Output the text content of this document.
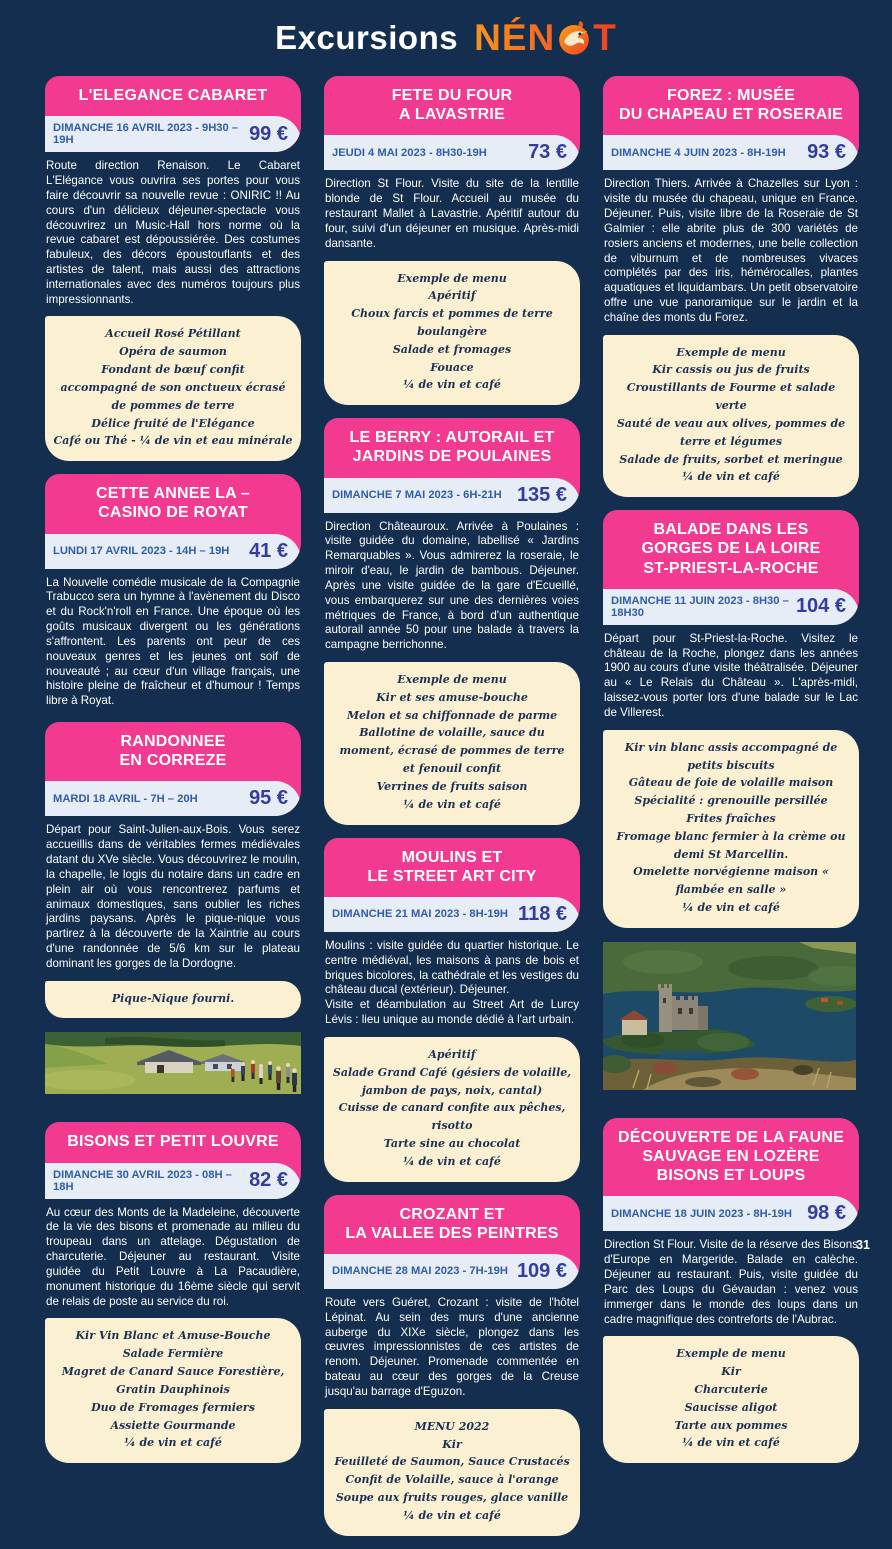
Excursions NÉN T
L'ELEGANCE CABARET
DIMANCHE 16 AVRIL 2023 - 9H30 – 19H	99 €

Route direction Renaison. Le Cabaret L'Elégance vous ouvrira ses portes pour vous faire découvrir sa nouvelle revue : ONIRIC !! Au cours d'un délicieux déjeuner-spectacle vous découvrirez un Music-Hall hors norme où la revue cabaret est dépoussiérée. Des costumes fabuleux, des décors époustouflants et des artistes de talent, mais aussi des attractions internationales avec des numéros toujours plus impressionnants.

Accueil Rosé Pétillant

Opéra de saumon

Fondant de bœuf confit

accompagné de son onctueux écrasé de pommes de terre

Délice fruité de l'Elégance

Café ou Thé - ¼ de vin et eau minérale

CETTE ANNEE LA –
CASINO DE ROYAT
LUNDI 17 AVRIL 2023 - 14H – 19H 41 €

La Nouvelle comédie musicale de la Compagnie Trabucco sera un hymne à l'avènement du Disco et du Rock'n'roll en France. Une époque où les goûts musicaux divergent ou les générations s'affrontent. Les parents ont peur de ces nouveaux genres et les jeunes ont soif de nouveauté ; au cœur d'un village français, une histoire pleine de fraîcheur et d'humour ! Temps libre à Royat.

RANDONNEE
EN CORREZE
MARDI 18 AVRIL - 7H – 20H	95 €

Départ pour Saint-Julien-aux-Bois. Vous serez accueillis dans de véritables fermes médiévales datant du XVe siècle. Vous découvrirez le moulin, la chapelle, le logis du notaire dans un cadre en plein air où vous rencontrerez parfums et animaux domestiques, sans oublier les riches jardins paysans. Après le pique-nique vous partirez à la découverte de la Xaintrie au cours d'une randonnée de 5/6 km sur le plateau dominant les gorges de la Dordogne.

Pique-Nique fourni.

BISONS ET PETIT LOUVRE
DIMANCHE 30 AVRIL 2023 - 08H – 18H	82 €

Au cœur des Monts de la Madeleine, découverte de la vie des bisons et promenade au milieu du troupeau dans un attelage. Dégustation de charcuterie. Déjeuner au restaurant. Visite guidée du Petit Louvre à La Pacaudière, monument historique du 16ème siècle qui servit de relais de poste au service du roi.

Kir Vin Blanc et Amuse-Bouche

Salade Fermière

Magret de Canard Sauce Forestière, Gratin Dauphinois

Duo de Fromages fermiers

Assiette Gourmande

¼ de vin et café

FETE DU FOUR
A LAVASTRIE
JEUDI 4 MAI 2023 - 8H30-19H 73 €

Direction St Flour. Visite du site de la lentille blonde de St Flour. Accueil au musée du restaurant Mallet à Lavastrie. Apéritif autour du four, suivi d'un déjeuner en musique. Après-midi dansante.

Exemple de menu

Apéritif

Choux farcis et pommes de terre boulangère

Salade et fromages

Fouace

¼ de vin et café

LE BERRY : AUTORAIL ET
JARDINS DE POULAINES
DIMANCHE 7 MAI 2023 - 6H-21H 135 €

Direction Châteauroux. Arrivée à Poulaines : visite guidée du domaine, labellisé « Jardins Remarquables ». Vous admirerez la roseraie, le miroir d'eau, le jardin de bambous. Déjeuner. Après une visite guidée de la gare d'Ecueillé, vous embarquerez sur une des dernières voies métriques de France, à bord d'un authentique autorail année 50 pour une balade à travers la campagne berrichonne.

Exemple de menu

Kir et ses amuse-bouche

Melon et sa chiffonnade de parme

Ballotine de volaille, sauce du moment, écrasé de pommes de terre et fenouil confit

Verrines de fruits saison

¼ de vin et café

MOULINS ET
LE STREET ART CITY
DIMANCHE 21 MAI 2023 - 8H-19H 118 €

Moulins : visite guidée du quartier historique. Le centre médiéval, les maisons à pans de bois et briques bicolores, la cathédrale et les vestiges du château ducal (extérieur). Déjeuner.

Visite et déambulation au Street Art de Lurcy Lévis : lieu unique au monde dédié à l'art urbain.

Apéritif

Salade Grand Café (gésiers de volaille, jambon de pays, noix, cantal)

Cuisse de canard confite aux pêches, risotto

Tarte sine au chocolat

¼ de vin et café

CROZANT ET
LA VALLEE DES PEINTRES
DIMANCHE 28 MAI 2023 - 7H-19H 109 €

Route vers Guéret, Crozant : visite de l'hôtel Lépinat. Au sein des murs d'une ancienne auberge du XIXe siècle, plongez dans les œuvres impressionnistes de ces artistes de renom. Déjeuner. Promenade commentée en bateau au cœur des gorges de la Creuse jusqu'au barrage d'Eguzon.

MENU 2022

Kir

Feuilleté de Saumon, Sauce Crustacés

Confit de Volaille, sauce à l'orange

Soupe aux fruits rouges, glace vanille

¼ de vin et café

FOREZ : MUSÉE
DU CHAPEAU ET ROSERAIE
DIMANCHE 4 JUIN 2023 - 8H-19H 93 €

Direction Thiers. Arrivée à Chazelles sur Lyon : visite du musée du chapeau, unique en France. Déjeuner. Puis, visite libre de la Roseraie de St Galmier : elle abrite plus de 300 variétés de rosiers anciens et modernes, une belle collection de viburnum et de nombreuses vivaces complétés par des iris, hémérocalles, plantes aquatiques et liquidambars. Un petit observatoire offre une vue panoramique sur le jardin et la chaîne des monts du Forez.

Exemple de menu

Kir cassis ou jus de fruits

Croustillants de Fourme et salade verte

Sauté de veau aux olives, pommes de terre et légumes

Salade de fruits, sorbet et meringue

¼ de vin et café

BALADE DANS LES
GORGES DE LA LOIRE
ST-PRIEST-LA-ROCHE
DIMANCHE 11 JUIN 2023 - 8H30 – 18H30	104 €

Départ pour St-Priest-la-Roche. Visitez le château de la Roche, plongez dans les années 1900 au cours d'une visite théâtralisée. Déjeuner au « Le Relais du Château ». L'après-midi, laissez-vous porter lors d'une balade sur le Lac de Villerest.

Kir vin blanc assis accompagné de petits biscuits

Gâteau de foie de volaille maison

Spécialité : grenouille persillée

Frites fraîches

Fromage blanc fermier à la crème ou demi St Marcellin.

Omelette norvégienne maison « flambée en salle »

¼ de vin et café

DÉCOUVERTE DE LA FAUNE
SAUVAGE EN LOZÈRE
BISONS ET LOUPS
DIMANCHE 18 JUIN 2023 - 8H-19H 98 €

Direction St Flour. Visite de la réserve des Bisons d'Europe en Margeride. Balade en calèche. Déjeuner au restaurant. Puis, visite guidée du Parc des Loups du Gévaudan : venez vous immerger dans le monde des loups dans un cadre magnifique des contreforts de l'Aubrac.

Exemple de menu

Kir

Charcuterie

Saucisse aligot

Tarte aux pommes

¼ de vin et café

31
